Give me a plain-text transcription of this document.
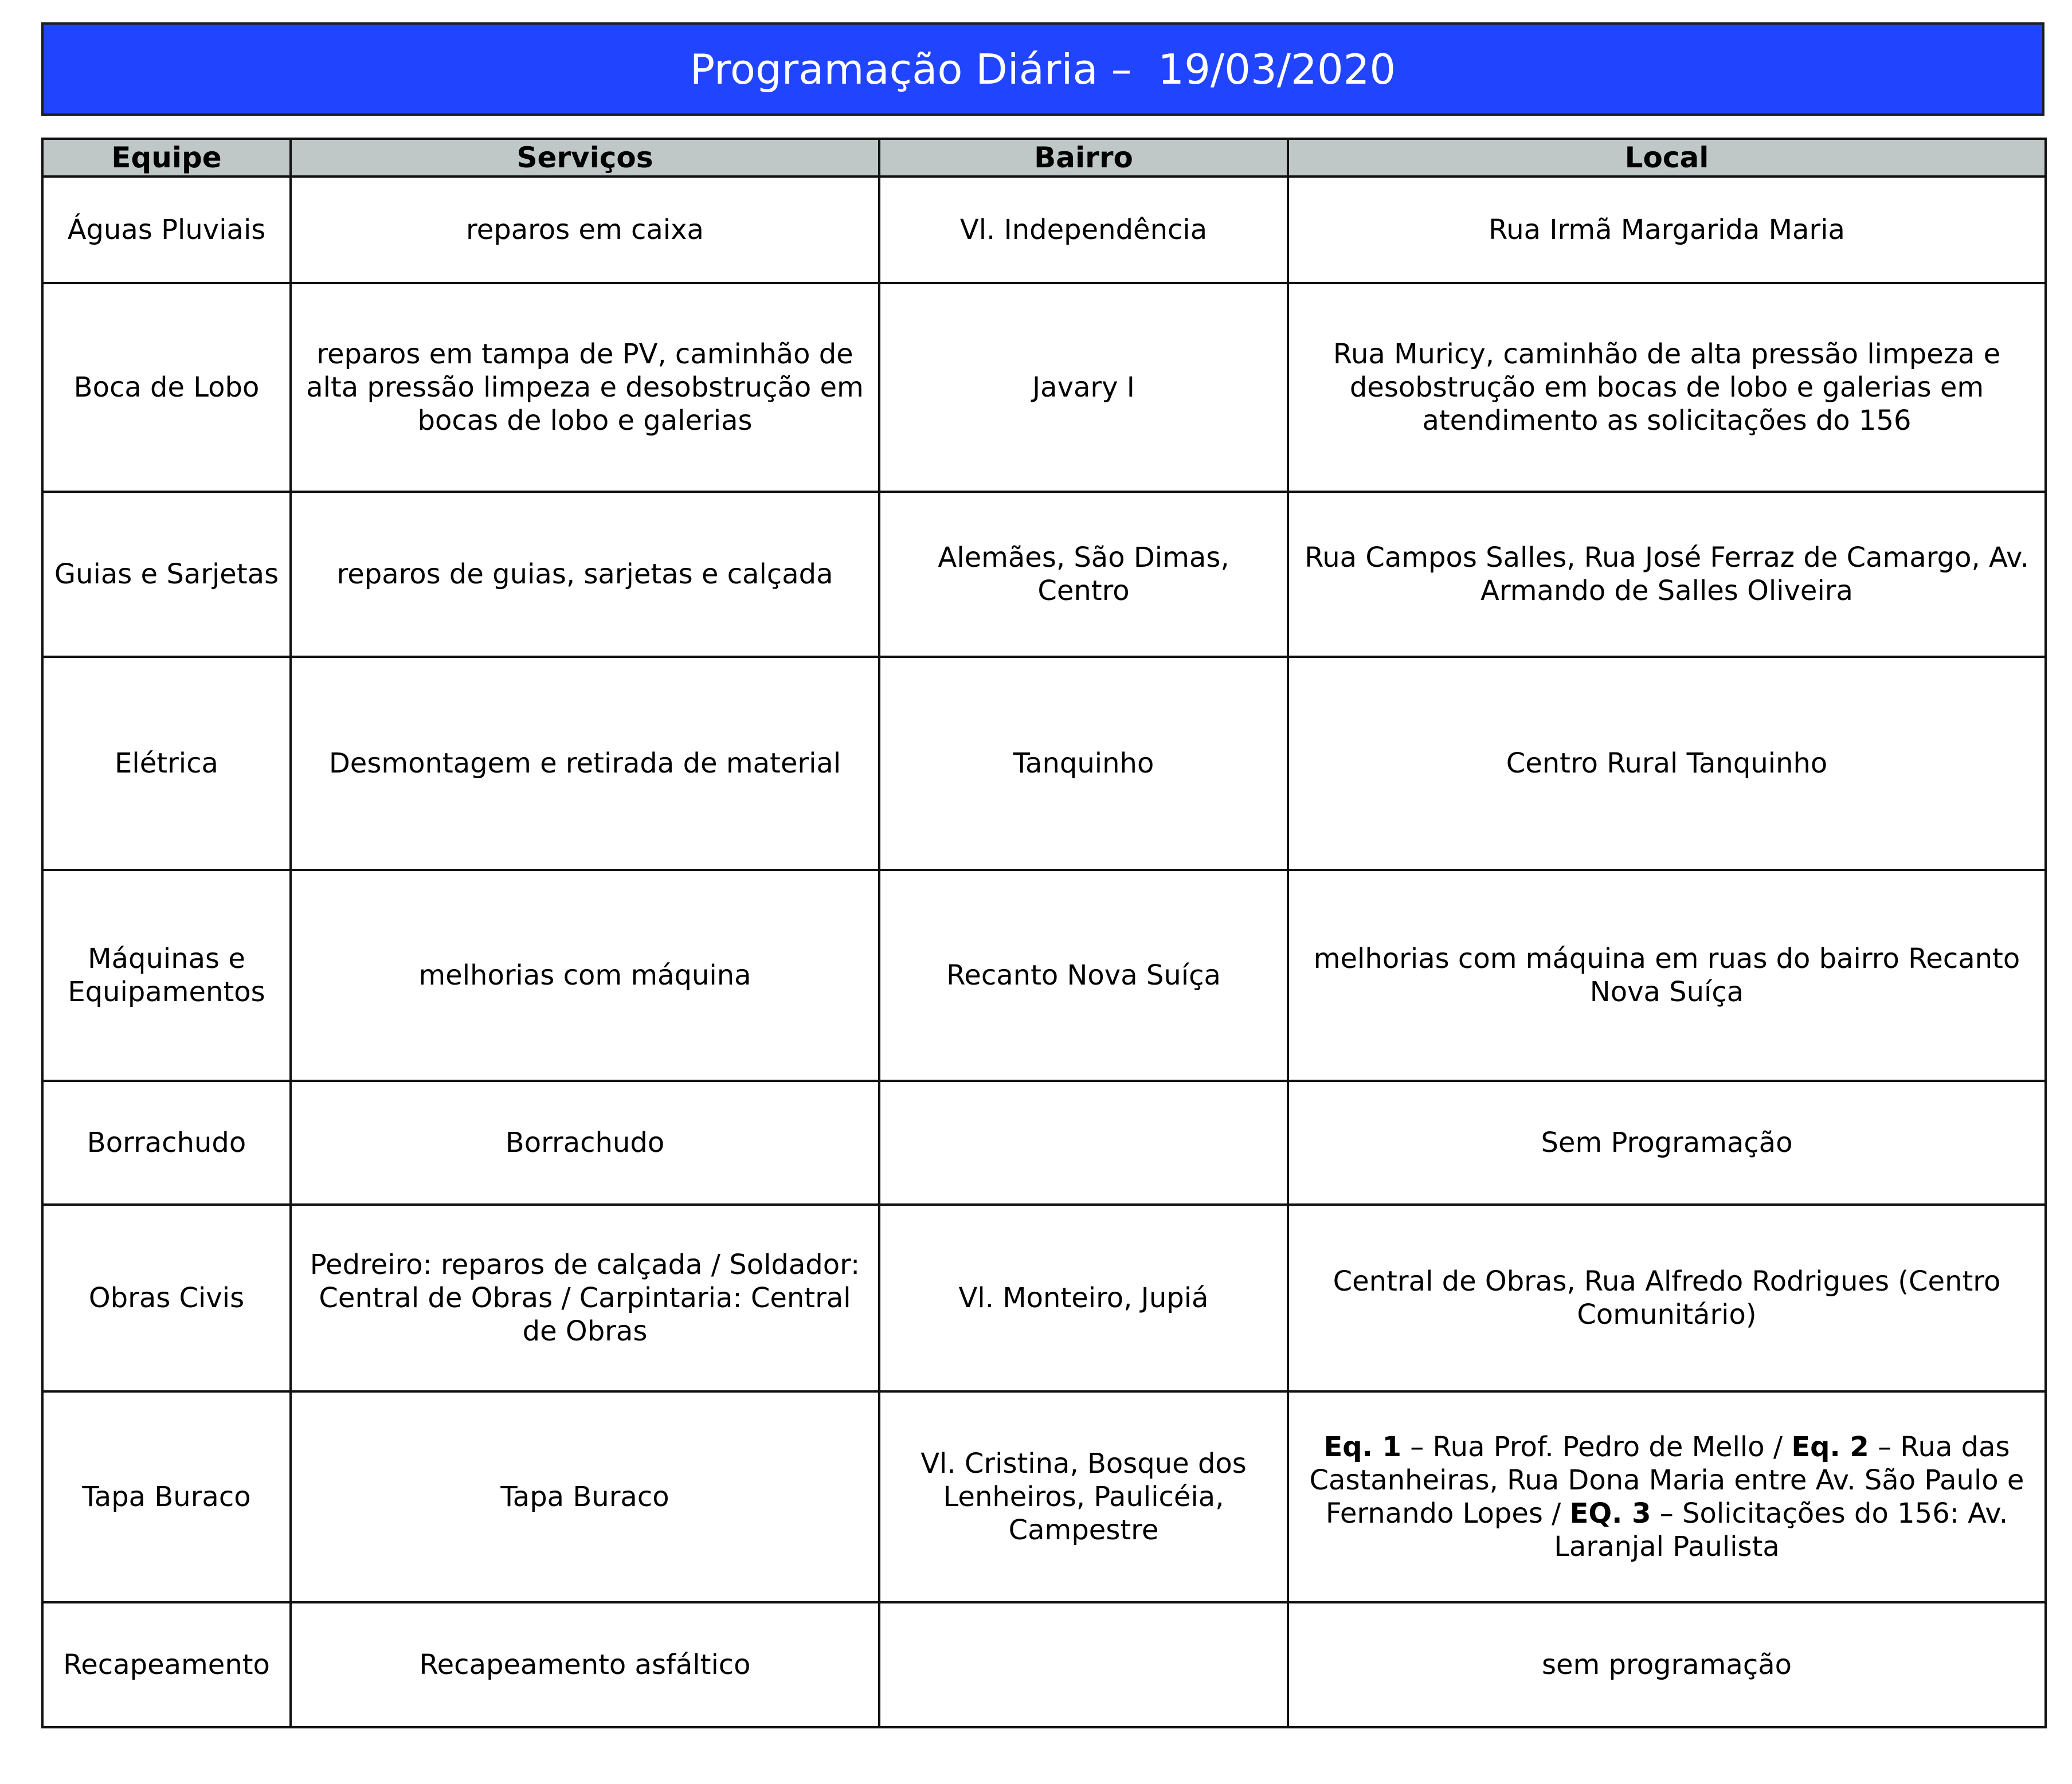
Programação Diária –  19/03/2020
Equipe	Serviços	Bairro	Local
Águas Pluviais	reparos em caixa	Vl. Independência	Rua Irmã Margarida Maria
Boca de Lobo	reparos em tampa de PV, caminhão de alta pressão limpeza e desobstrução em bocas de lobo e galerias	Javary I	Rua Muricy, caminhão de alta pressão limpeza e desobstrução em bocas de lobo e galerias em atendimento as solicitações do 156
Guias e Sarjetas	reparos de guias, sarjetas e calçada	Alemães, São Dimas, Centro	Rua Campos Salles, Rua José Ferraz de Camargo, Av. Armando de Salles Oliveira
Elétrica	Desmontagem e retirada de material	Tanquinho	Centro Rural Tanquinho
Máquinas e Equipamentos	melhorias com máquina	Recanto Nova Suíça	melhorias com máquina em ruas do bairro Recanto Nova Suíça
Borrachudo	Borrachudo		Sem Programação
Obras Civis	Pedreiro: reparos de calçada / Soldador: Central de Obras / Carpintaria: Central de Obras	Vl. Monteiro, Jupiá	Central de Obras, Rua Alfredo Rodrigues (Centro Comunitário)
Tapa Buraco	Tapa Buraco	Vl. Cristina, Bosque dos Lenheiros, Paulicéia, Campestre	Eq. 1 – Rua Prof. Pedro de Mello / Eq. 2 – Rua das Castanheiras, Rua Dona Maria entre Av. São Paulo e Fernando Lopes / EQ. 3 – Solicitações do 156: Av. Laranjal Paulista
Recapeamento	Recapeamento asfáltico		sem programação
